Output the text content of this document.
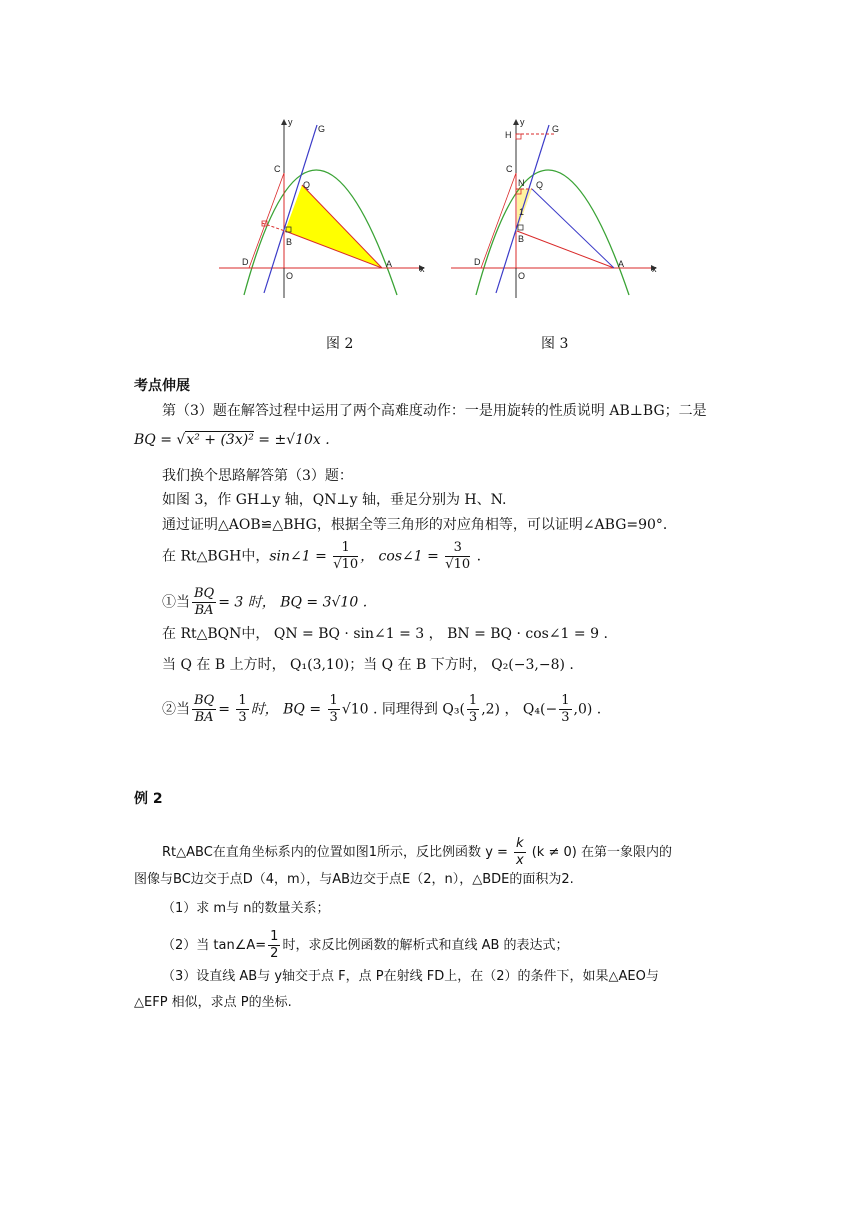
y
G
C
Q
B
D
O
A	x
图 2
y
H
G
C
N Q
1
B
D
O
A	x
图 3
考点伸展
第（3）题在解答过程中运用了两个高难度动作：一是用旋转的性质说明 AB⊥BG；二是
BQ = √x² + (3x)² = ±√10x .
我们换个思路解答第（3）题：
如图 3，作 GH⊥y 轴，QN⊥y 轴，垂足分别为 H、N.
通过证明△AOB≌△BHG，根据全等三角形的对应角相等，可以证明∠ABG=90°．
在 Rt△BGH中，sin∠1 = $\frac{1}{√10}$ ， cos∠1 = $\frac{3}{√10}$ .
①当 $\frac{BQ}{BA} = 3$ 时， BQ = 3√10 .
在 Rt△BQN中， QN = BQ · sin∠1 = 3 ， BN = BQ · cos∠1 = 9 .
当 Q 在 B 上方时， Q₁(3,10)；当 Q 在 B 下方时， Q₂(−3,−8) .
②当 $\frac{BQ}{BA} = \frac{1}{3}$ 时， BQ = $\frac{1}{3} √10$ . 同理得到 $Q_3( \frac{1}{3} ,2)$ ， $Q_4(- \frac{1}{3} ,0)$ .
例 2
Rt△ABC在直角坐标系内的位置如图1所示，反比例函数 $y = \frac{k}{x} (k \ne 0)$ 在第一象限内的
图像与BC边交于点D（4，m），与AB边交于点E（2，n），△BDE的面积为2.
（1）求 m与 n的数量关系；
（2）当 tan∠A= $\frac{1}{2}$ 时，求反比例函数的解析式和直线 AB 的表达式；
（3）设直线 AB与 y轴交于点 F，点 P在射线 FD上，在（2）的条件下，如果△AEO与
△EFP 相似，求点 P的坐标.
